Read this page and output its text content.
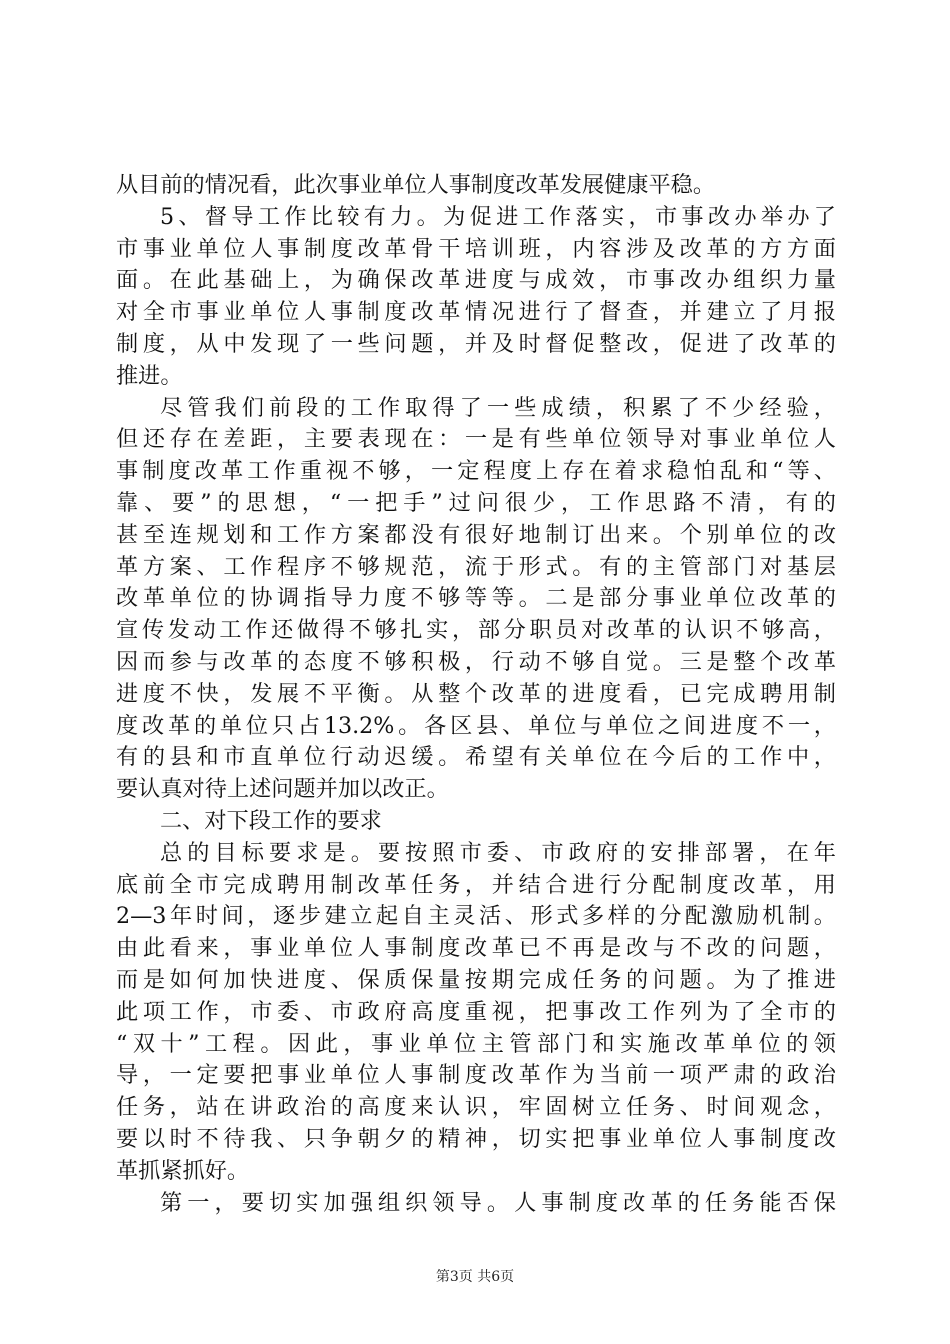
从目前的情况看，此次事业单位人事制度改革发展健康平稳。
5、督导工作比较有力。为促进工作落实，市事改办举办了
市事业单位人事制度改革骨干培训班，内容涉及改革的方方面
面。在此基础上，为确保改革进度与成效，市事改办组织力量
对全市事业单位人事制度改革情况进行了督查，并建立了月报
制度，从中发现了一些问题，并及时督促整改，促进了改革的
推进。
尽管我们前段的工作取得了一些成绩，积累了不少经验，
但还存在差距，主要表现在：一是有些单位领导对事业单位人
事制度改革工作重视不够，一定程度上存在着求稳怕乱和“等、
靠、要”的思想，“一把手”过问很少，工作思路不清，有的
甚至连规划和工作方案都没有很好地制订出来。个别单位的改
革方案、工作程序不够规范，流于形式。有的主管部门对基层
改革单位的协调指导力度不够等等。二是部分事业单位改革的
宣传发动工作还做得不够扎实，部分职员对改革的认识不够高，
因而参与改革的态度不够积极，行动不够自觉。三是整个改革
进度不快，发展不平衡。从整个改革的进度看，已完成聘用制
度改革的单位只占13.2%。各区县、单位与单位之间进度不一，
有的县和市直单位行动迟缓。希望有关单位在今后的工作中，
要认真对待上述问题并加以改正。
二、对下段工作的要求
总的目标要求是。要按照市委、市政府的安排部署，在年
底前全市完成聘用制改革任务，并结合进行分配制度改革，用
2—3年时间，逐步建立起自主灵活、形式多样的分配激励机制。
由此看来，事业单位人事制度改革已不再是改与不改的问题，
而是如何加快进度、保质保量按期完成任务的问题。为了推进
此项工作，市委、市政府高度重视，把事改工作列为了全市的
“双十”工程。因此，事业单位主管部门和实施改革单位的领
导，一定要把事业单位人事制度改革作为当前一项严肃的政治
任务，站在讲政治的高度来认识，牢固树立任务、时间观念，
要以时不待我、只争朝夕的精神，切实把事业单位人事制度改
革抓紧抓好。
第一，要切实加强组织领导。人事制度改革的任务能否保
第3页 共6页
